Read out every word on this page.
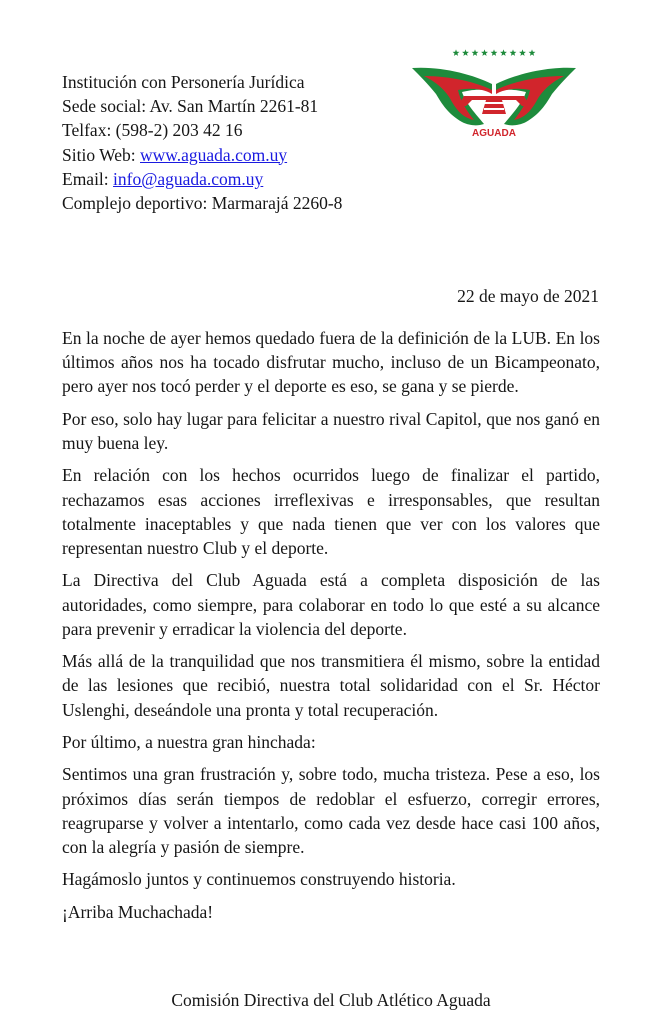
Institución con Personería Jurídica
Sede social: Av. San Martín 2261-81
Telfax: (598-2) 203 42 16
Sitio Web: www.aguada.com.uy
Email: info@aguada.com.uy
Complejo deportivo: Marmarajá 2260-8
AGUADA
22 de mayo de 2021

En la noche de ayer hemos quedado fuera de la definición de la LUB. En los últimos años nos ha tocado disfrutar mucho, incluso de un Bicampeonato, pero ayer nos tocó perder y el deporte es eso, se gana y se pierde.

Por eso, solo hay lugar para felicitar a nuestro rival Capitol, que nos ganó en muy buena ley.

En relación con los hechos ocurridos luego de finalizar el partido, rechazamos esas acciones irreflexivas e irresponsables, que resultan totalmente inaceptables y que nada tienen que ver con los valores que representan nuestro Club y el deporte.

La Directiva del Club Aguada está a completa disposición de las autoridades, como siempre, para colaborar en todo lo que esté a su alcance para prevenir y erradicar la violencia del deporte.

Más allá de la tranquilidad que nos transmitiera él mismo, sobre la entidad de las lesiones que recibió, nuestra total solidaridad con el Sr. Héctor Uslenghi, deseándole una pronta y total recuperación.

Por último, a nuestra gran hinchada:

Sentimos una gran frustración y, sobre todo, mucha tristeza. Pese a eso, los próximos días serán tiempos de redoblar el esfuerzo, corregir errores, reagruparse y volver a intentarlo, como cada vez desde hace casi 100 años, con la alegría y pasión de siempre.

Hagámoslo juntos y continuemos construyendo historia.

¡Arriba Muchachada!

Comisión Directiva del Club Atlético Aguada
